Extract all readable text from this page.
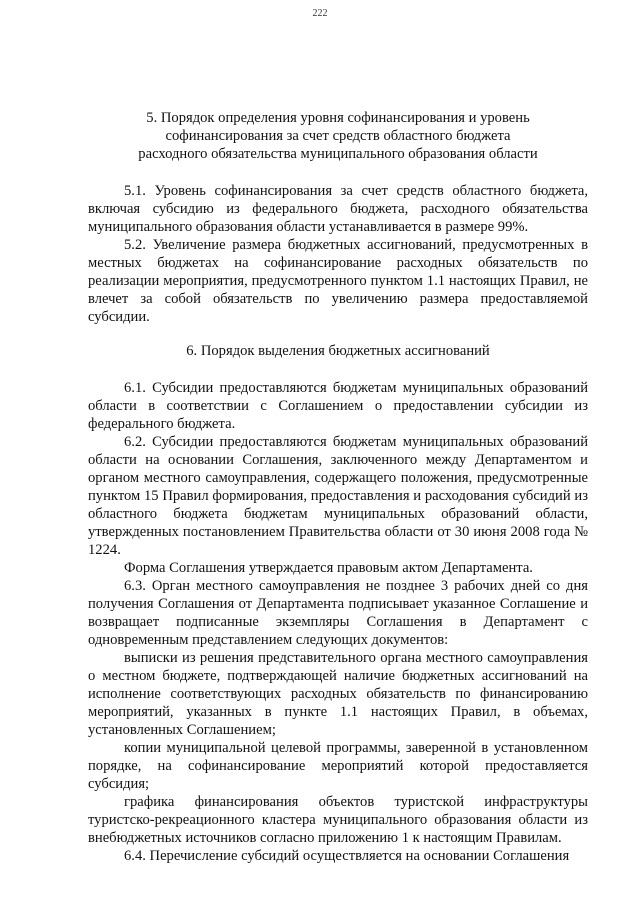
222
5. Порядок определения уровня софинансирования и уровень
софинансирования за счет средств областного бюджета
расходного обязательства муниципального образования области

5.1. Уровень софинансирования за счет средств областного бюджета, включая субсидию из федерального бюджета, расходного обязательства муниципального образования области устанавливается в размере 99%.

5.2. Увеличение размера бюджетных ассигнований, предусмотренных в местных бюджетах на софинансирование расходных обязательств по реализации мероприятия, предусмотренного пунктом 1.1 настоящих Правил, не влечет за собой обязательств по увеличению размера предоставляемой субсидии.

6. Порядок выделения бюджетных ассигнований

6.1. Субсидии предоставляются бюджетам муниципальных образований области в соответствии с Соглашением о предоставлении субсидии из федерального бюджета.

6.2. Субсидии предоставляются бюджетам муниципальных образований области на основании Соглашения, заключенного между Департаментом и органом местного самоуправления, содержащего положения, предусмотренные пунктом 15 Правил формирования, предоставления и расходования субсидий из областного бюджета бюджетам муниципальных образований области, утвержденных постановлением Правительства области от 30 июня 2008 года № 1224.

Форма Соглашения утверждается правовым актом Департамента.

6.3. Орган местного самоуправления не позднее 3 рабочих дней со дня получения Соглашения от Департамента подписывает указанное Соглашение и возвращает подписанные экземпляры Соглашения в Департамент с одновременным представлением следующих документов:

выписки из решения представительного органа местного самоуправления о местном бюджете, подтверждающей наличие бюджетных ассигнований на исполнение соответствующих расходных обязательств по финансированию мероприятий, указанных в пункте 1.1 настоящих Правил, в объемах, установленных Соглашением;

копии муниципальной целевой программы, заверенной в установленном порядке, на софинансирование мероприятий которой предоставляется субсидия;

графика финансирования объектов туристской инфраструктуры туристско-рекреационного кластера муниципального образования области из внебюджетных источников согласно приложению 1 к настоящим Правилам.

6.4. Перечисление субсидий осуществляется на основании Соглашения
